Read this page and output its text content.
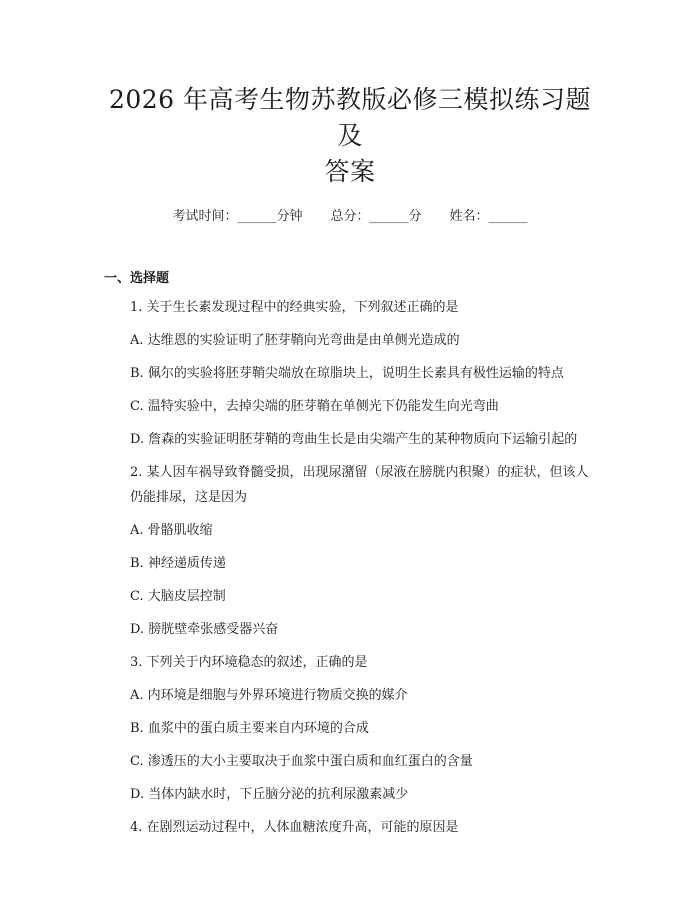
2026 年高考生物苏教版必修三模拟练习题及
答案
考试时间：______分钟 总分：______分 姓名：______
一、选择题

1. 关于生长素发现过程中的经典实验，下列叙述正确的是

A. 达维恩的实验证明了胚芽鞘向光弯曲是由单侧光造成的

B. 佩尔的实验将胚芽鞘尖端放在琼脂块上，说明生长素具有极性运输的特点

C. 温特实验中，去掉尖端的胚芽鞘在单侧光下仍能发生向光弯曲

D. 詹森的实验证明胚芽鞘的弯曲生长是由尖端产生的某种物质向下运输引起的

2. 某人因车祸导致脊髓受损，出现尿潴留（尿液在膀胱内积聚）的症状，但该人仍能排尿，这是因为

A. 骨骼肌收缩

B. 神经递质传递

C. 大脑皮层控制

D. 膀胱壁牵张感受器兴奋

3. 下列关于内环境稳态的叙述，正确的是

A. 内环境是细胞与外界环境进行物质交换的媒介

B. 血浆中的蛋白质主要来自内环境的合成

C. 渗透压的大小主要取决于血浆中蛋白质和血红蛋白的含量

D. 当体内缺水时，下丘脑分泌的抗利尿激素减少

4. 在剧烈运动过程中，人体血糖浓度升高，可能的原因是
